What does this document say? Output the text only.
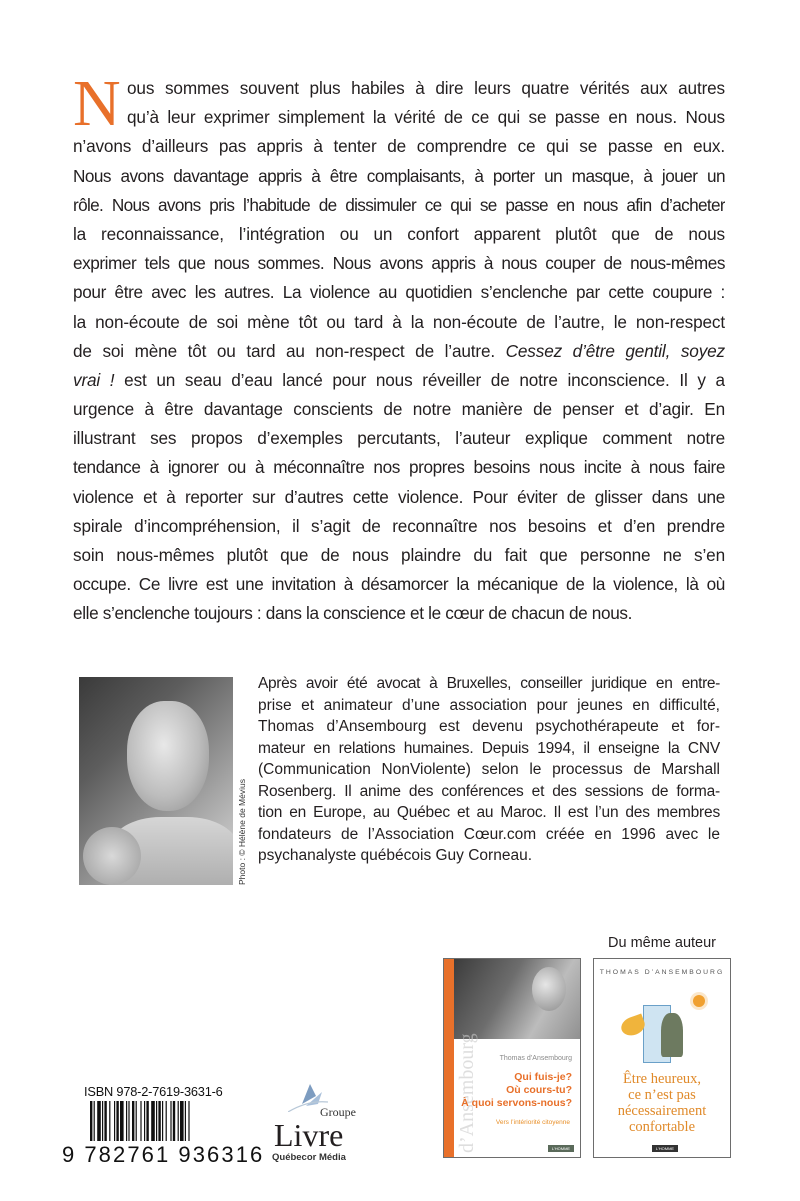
N ous sommes souvent plus habiles à dire leurs quatre vérités aux autres
qu’à leur exprimer simplement la vérité de ce qui se passe en nous. Nous
n’avons d’ailleurs pas appris à tenter de comprendre ce qui se passe en eux.
Nous avons davantage appris à être complaisants, à porter un masque, à jouer un
rôle. Nous avons pris l’habitude de dissimuler ce qui se passe en nous afin d’acheter
la reconnaissance, l’intégration ou un confort apparent plutôt que de nous
exprimer tels que nous sommes. Nous avons appris à nous couper de nous-mêmes
pour être avec les autres. La violence au quotidien s’enclenche par cette coupure :
la non-écoute de soi mène tôt ou tard à la non-écoute de l’autre, le non-respect
de soi mène tôt ou tard au non-respect de l’autre. Cessez d’être gentil, soyez
vrai ! est un seau d’eau lancé pour nous réveiller de notre inconscience. Il y a
urgence à être davantage conscients de notre manière de penser et d’agir. En
illustrant ses propos d’exemples percutants, l’auteur explique comment notre
tendance à ignorer ou à méconnaître nos propres besoins nous incite à nous faire
violence et à reporter sur d’autres cette violence. Pour éviter de glisser dans une
spirale d’incompréhension, il s’agit de reconnaître nos besoins et d’en prendre
soin nous-mêmes plutôt que de nous plaindre du fait que personne ne s’en
occupe. Ce livre est une invitation à désamorcer la mécanique de la violence, là où
elle s’enclenche toujours : dans la conscience et le cœur de chacun de nous.
Photo : © Hélène de Mévius
Après avoir été avocat à Bruxelles, conseiller juridique en entre-
prise et animateur d’une association pour jeunes en difficulté,
Thomas d’Ansembourg est devenu psychothérapeute et for-
mateur en relations humaines. Depuis 1994, il enseigne la CNV
(Communication NonViolente) selon le processus de Marshall
Rosenberg. Il anime des conférences et des sessions de forma-
tion en Europe, au Québec et au Maroc. Il est l’un des membres
fondateurs de l’Association Cœur.com créée en 1996 avec le
psychanalyste québécois Guy Corneau.
Du même auteur
d’Ansembourg	Thomas d’Ansembourg
Qui fuis-je?
Où cours-tu?
À quoi servons-nous?
Vers l’intériorité citoyenne
L’HOMME
THOMAS D’ANSEMBOURG
Être heureux,
ce n’est pas
nécessairement
confortable
L’HOMME
ISBN 978-2-7619-3631-6
9 782761 936316
Groupe
Livre
Québecor Média
